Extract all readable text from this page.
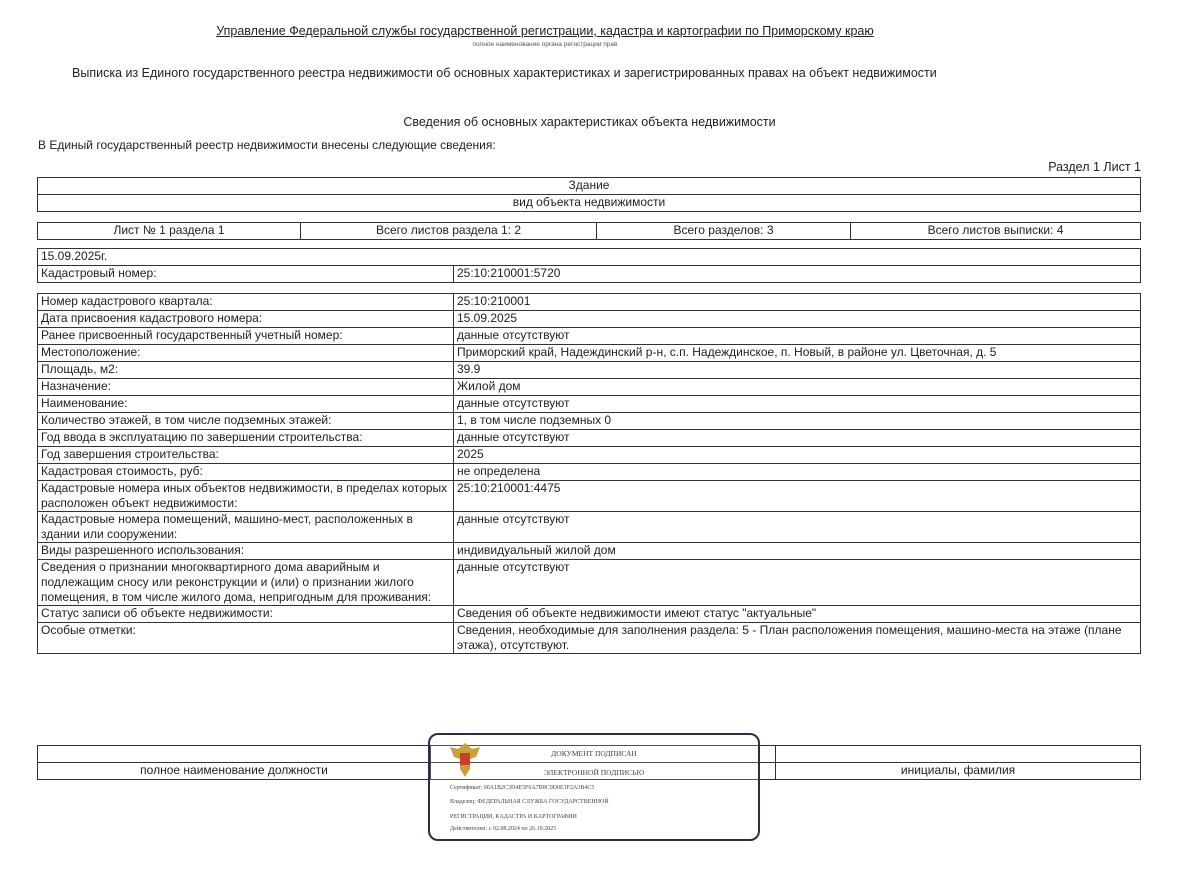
Управление Федеральной службы государственной регистрации, кадастра и картографии по Приморскому краю
полное наименование органа регистрации прав
Выписка из Единого государственного реестра недвижимости об основных характеристиках и зарегистрированных правах на объект недвижимости
Сведения об основных характеристиках объекта недвижимости
В Единый государственный реестр недвижимости внесены следующие сведения:
Раздел 1 Лист 1
Здание
вид объекта недвижимости
Лист № 1 раздела 1	Всего листов раздела 1: 2	Всего разделов: 3	Всего листов выписки: 4
15.09.2025г.
Кадастровый номер:	25:10:210001:5720
Номер кадастрового квартала:	25:10:210001
Дата присвоения кадастрового номера:	15.09.2025
Ранее присвоенный государственный учетный номер:	данные отсутствуют
Местоположение:	Приморский край, Надеждинский р-н, с.п. Надеждинское, п. Новый, в районе ул. Цветочная, д. 5
Площадь, м2:	39.9
Назначение:	Жилой дом
Наименование:	данные отсутствуют
Количество этажей, в том числе подземных этажей:	1, в том числе подземных 0
Год ввода в эксплуатацию по завершении строительства:	данные отсутствуют
Год завершения строительства:	2025
Кадастровая стоимость, руб:	не определена
Кадастровые номера иных объектов недвижимости, в пределах которых расположен объект недвижимости:	25:10:210001:4475
Кадастровые номера помещений, машино-мест, расположенных в здании или сооружении:	данные отсутствуют
Виды разрешенного использования:	индивидуальный жилой дом
Сведения о признании многоквартирного дома аварийным и подлежащим сносу или реконструкции и (или) о признании жилого помещения, в том числе жилого дома, непригодным для проживания:	данные отсутствуют
Статус записи об объекте недвижимости:	Сведения об объекте недвижимости имеют статус "актуальные"
Особые отметки:	Сведения, необходимые для заполнения раздела: 5 - План расположения помещения, машино-места на этаже (плане этажа), отсутствуют.

полное наименование должности		инициалы, фамилия
ДОКУМЕНТ ПОДПИСАН
ЭЛЕКТРОННОЙ ПОДПИСЬЮ
Сертификат: 00A1B2C3D4E5F6A7B8C9D0E1F2A3B4C5
Владелец: ФЕДЕРАЛЬНАЯ СЛУЖБА ГОСУДАРСТВЕННОЙ
РЕГИСТРАЦИИ, КАДАСТРА И КАРТОГРАФИИ
Действителен: с 02.08.2024 по 26.10.2025
